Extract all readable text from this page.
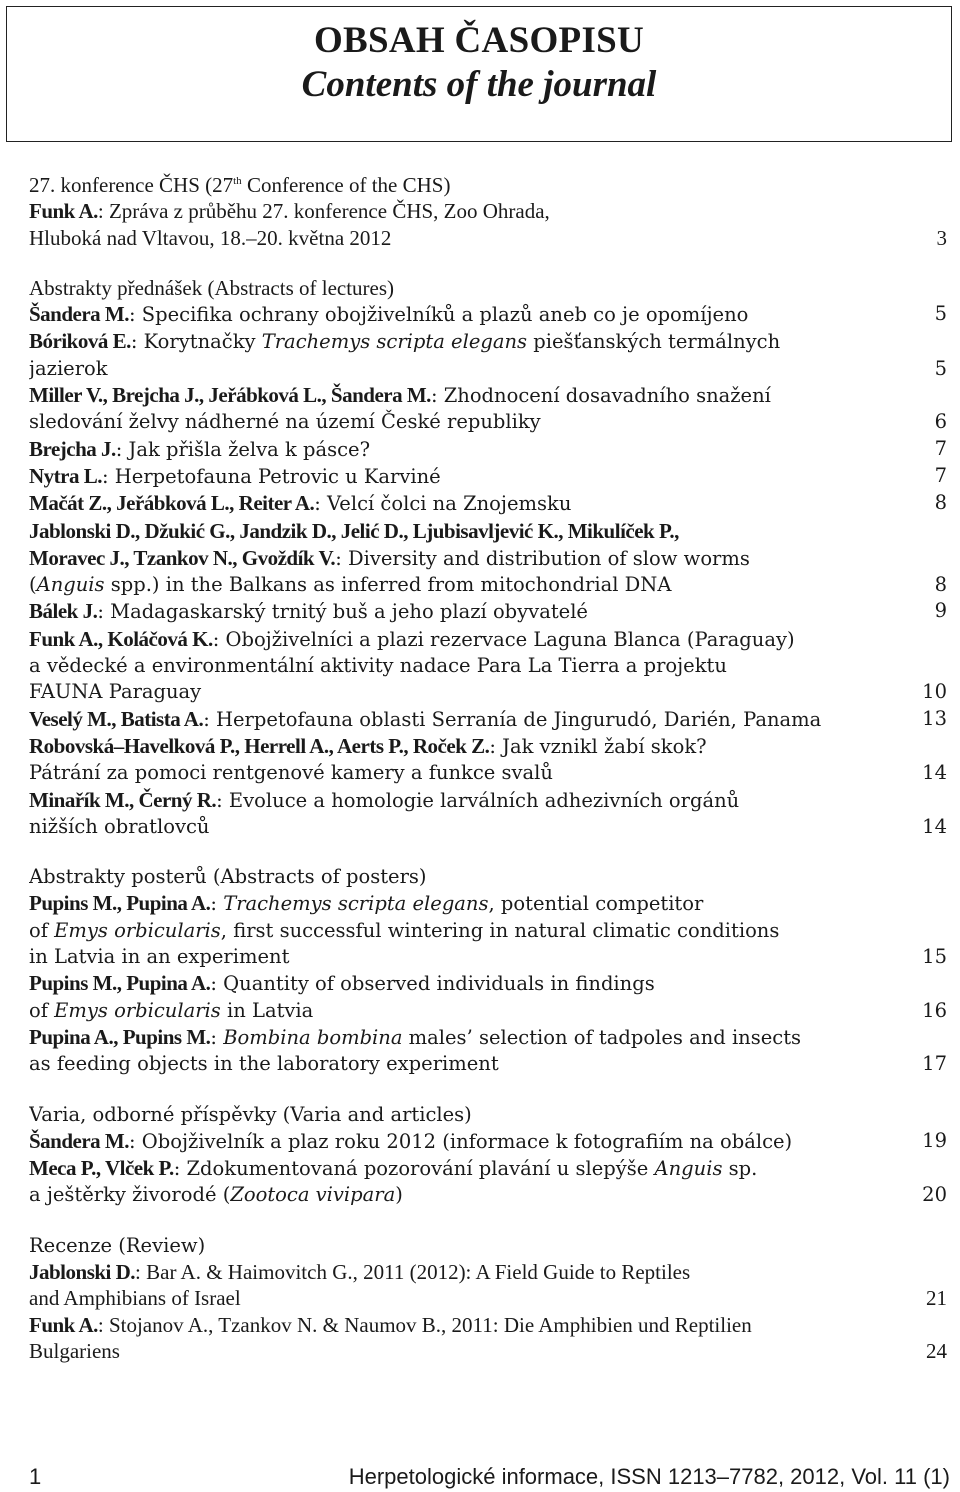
OBSAH ČASOPISU
Contents of the journal
27. konference ČHS (27th Conference of the CHS)
Funk A.: Zpráva z průběhu 27. konference ČHS, Zoo Ohrada,
Hluboká nad Vltavou, 18.–20. května 2012	3
Abstrakty přednášek (Abstracts of lectures)
Šandera M.: Specifika ochrany obojživelníků a plazů aneb co je opomíjeno	5
Bóriková E.: Korytnačky Trachemys scripta elegans piešťanských termálnych
jazierok	5
Miller V., Brejcha J., Jeřábková L., Šandera M.: Zhodnocení dosavadního snažení
sledování želvy nádherné na území České republiky	6
Brejcha J.: Jak přišla želva k pásce?	7
Nytra L.: Herpetofauna Petrovic u Karviné	7
Mačát Z., Jeřábková L., Reiter A.: Velcí čolci na Znojemsku	8
Jablonski D., Džukić G., Jandzik D., Jelić D., Ljubisavljević K., Mikulíček P.,
Moravec J., Tzankov N., Gvoždík V.: Diversity and distribution of slow worms
(Anguis spp.) in the Balkans as inferred from mitochondrial DNA	8
Bálek J.: Madagaskarský trnitý buš a jeho plazí obyvatelé	9
Funk A., Koláčová K.: Obojživelníci a plazi rezervace Laguna Blanca (Paraguay)
a vědecké a environmentální aktivity nadace Para La Tierra a projektu
FAUNA Paraguay	10
Veselý M., Batista A.: Herpetofauna oblasti Serranía de Jingurudó, Darién, Panama	13
Robovská–Havelková P., Herrell A., Aerts P., Roček Z.: Jak vznikl žabí skok?
Pátrání za pomoci rentgenové kamery a funkce svalů	14
Minařík M., Černý R.: Evoluce a homologie larválních adhezivních orgánů
nižších obratlovců	14
Abstrakty posterů (Abstracts of posters)
Pupins M., Pupina A.: Trachemys scripta elegans, potential competitor
of Emys orbicularis, first successful wintering in natural climatic conditions
in Latvia in an experiment	15
Pupins M., Pupina A.: Quantity of observed individuals in findings
of Emys orbicularis in Latvia	16
Pupina A., Pupins M.: Bombina bombina males’ selection of tadpoles and insects
as feeding objects in the laboratory experiment	17
Varia, odborné příspěvky (Varia and articles)
Šandera M.: Obojživelník a plaz roku 2012 (informace k fotografiím na obálce)	19
Meca P., Vlček P.: Zdokumentovaná pozorování plavání u slepýše Anguis sp.
a ještěrky živorodé (Zootoca vivipara)	20
Recenze (Review)
Jablonski D.: Bar A. & Haimovitch G., 2011 (2012): A Field Guide to Reptiles
and Amphibians of Israel	21
Funk A.: Stojanov A., Tzankov N. & Naumov B., 2011: Die Amphibien und Reptilien
Bulgariens	24
1	Herpetologické informace, ISSN 1213–7782, 2012, Vol. 11 (1)
